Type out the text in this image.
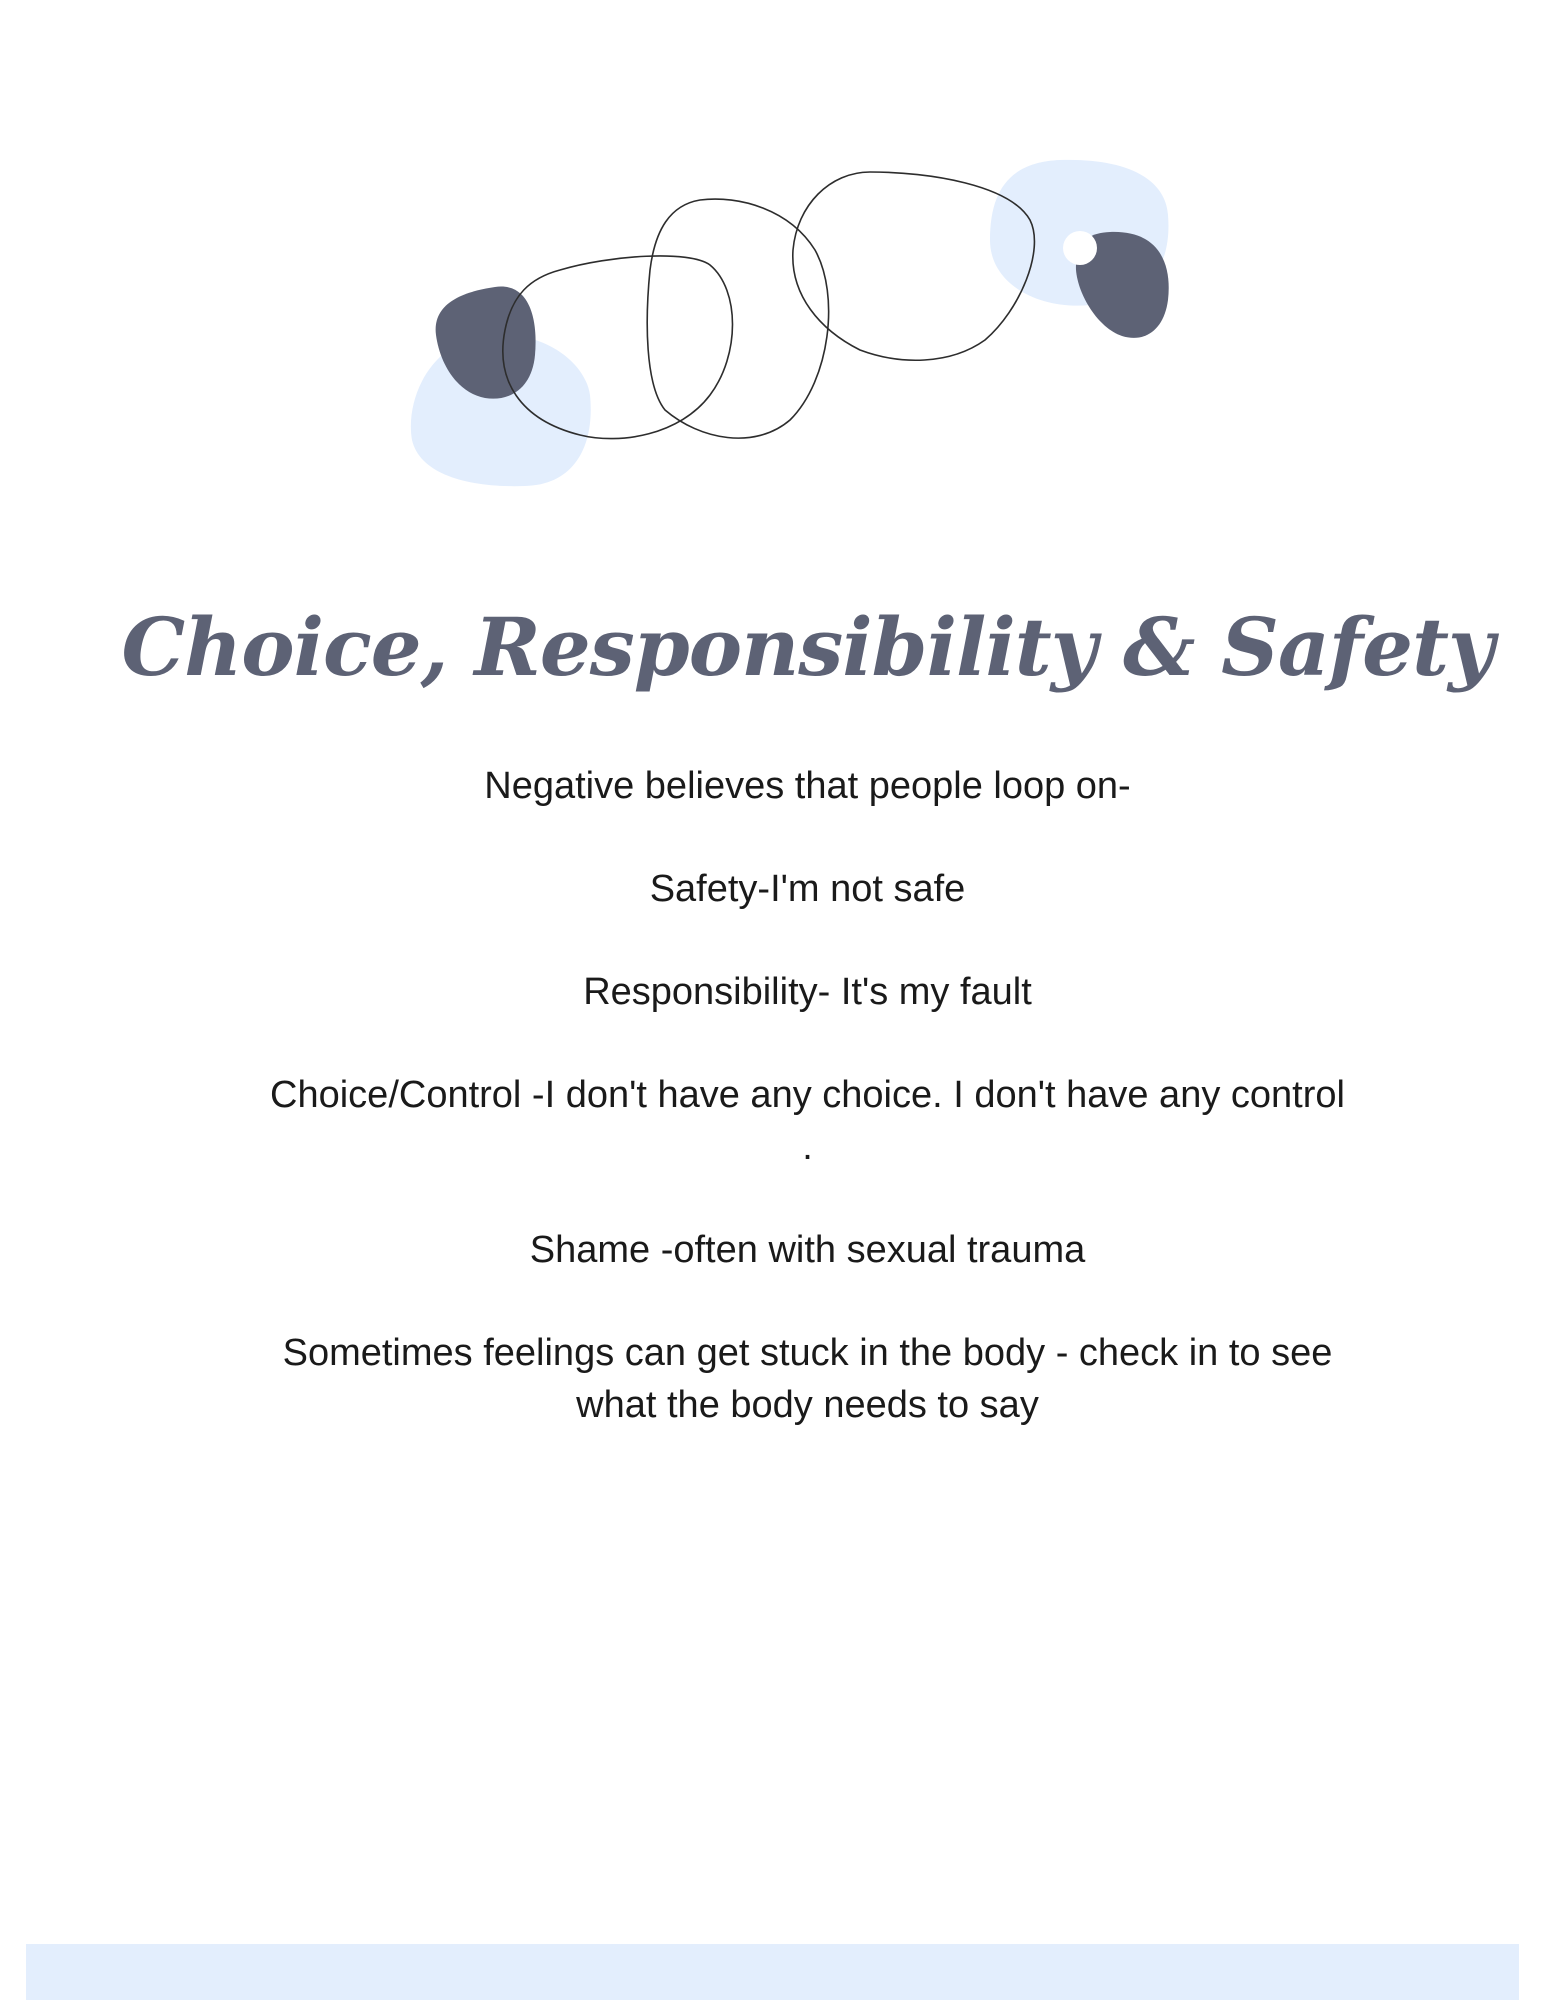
Choice, Responsibility & Safety

Negative believes that people loop on-

Safety-I'm not safe

Responsibility- It's my fault

Choice/Control -I don't have any choice. I don't have any control .

Shame -often with sexual trauma

Sometimes feelings can get stuck in the body - check in to see what the body needs to say
